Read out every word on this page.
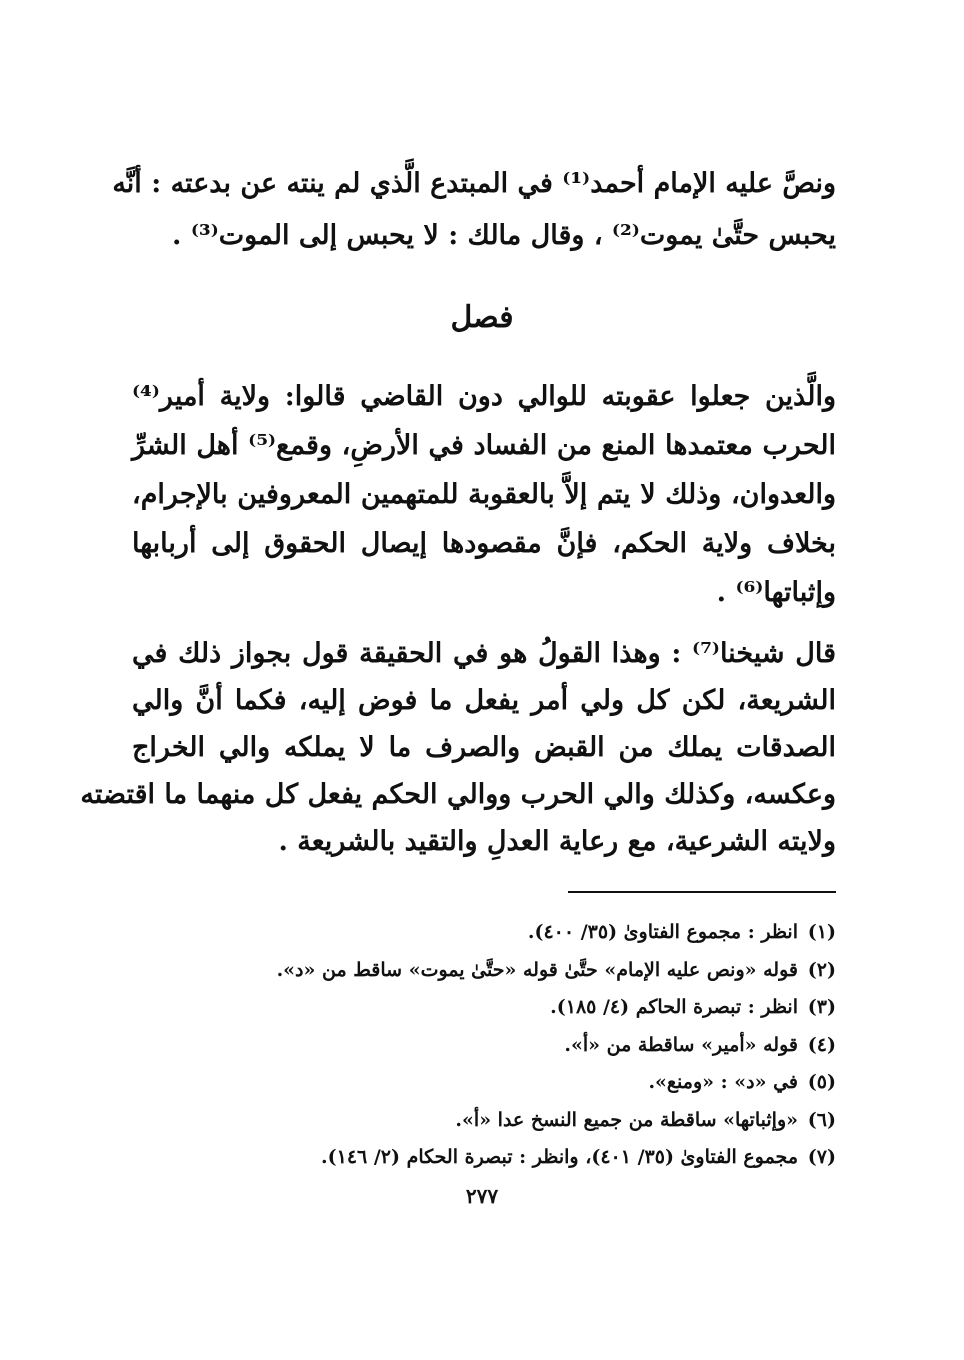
ونصَّ عليه الإمام أحمد⁽¹⁾ في المبتدع الَّذي لم ينته عن بدعته : أنَّه
يحبس حتَّىٰ يموت⁽²⁾ ، وقال مالك : لا يحبس إلى الموت⁽³⁾ .
فصل
والَّذين جعلوا عقوبته للوالي دون القاضي قالوا: ولاية أمير⁽⁴⁾
الحرب معتمدها المنع من الفساد في الأرضِ، وقمع⁽⁵⁾ أهل الشرِّ
والعدوان، وذلك لا يتم إلاَّ بالعقوبة للمتهمين المعروفين بالإجرام،
بخلاف ولاية الحكم، فإنَّ مقصودها إيصال الحقوق إلى أربابها
وإثباتها⁽⁶⁾ .
قال شيخنا⁽⁷⁾ : وهذا القولُ هو في الحقيقة قول بجواز ذلك في
الشريعة، لكن كل ولي أمر يفعل ما فوض إليه، فكما أنَّ والي
الصدقات يملك من القبض والصرف ما لا يملكه والي الخراج
وعكسه، وكذلك والي الحرب ووالي الحكم يفعل كل منهما ما اقتضته
ولايته الشرعية، مع رعاية العدلِ والتقيد بالشريعة .
(١)انظر : مجموع الفتاوىٰ (٣٥/ ٤٠٠).
(٢)قوله «ونص عليه الإمام» حتَّىٰ قوله «حتَّىٰ يموت» ساقط من «د».
(٣)انظر : تبصرة الحاكم (٤/ ١٨٥).
(٤)قوله «أمير» ساقطة من «أ».
(٥)في «د» : «ومنع».
(٦)«وإثباتها» ساقطة من جميع النسخ عدا «أ».
(٧)مجموع الفتاوىٰ (٣٥/ ٤٠١)، وانظر : تبصرة الحكام (٢/ ١٤٦).
٢٧٧
